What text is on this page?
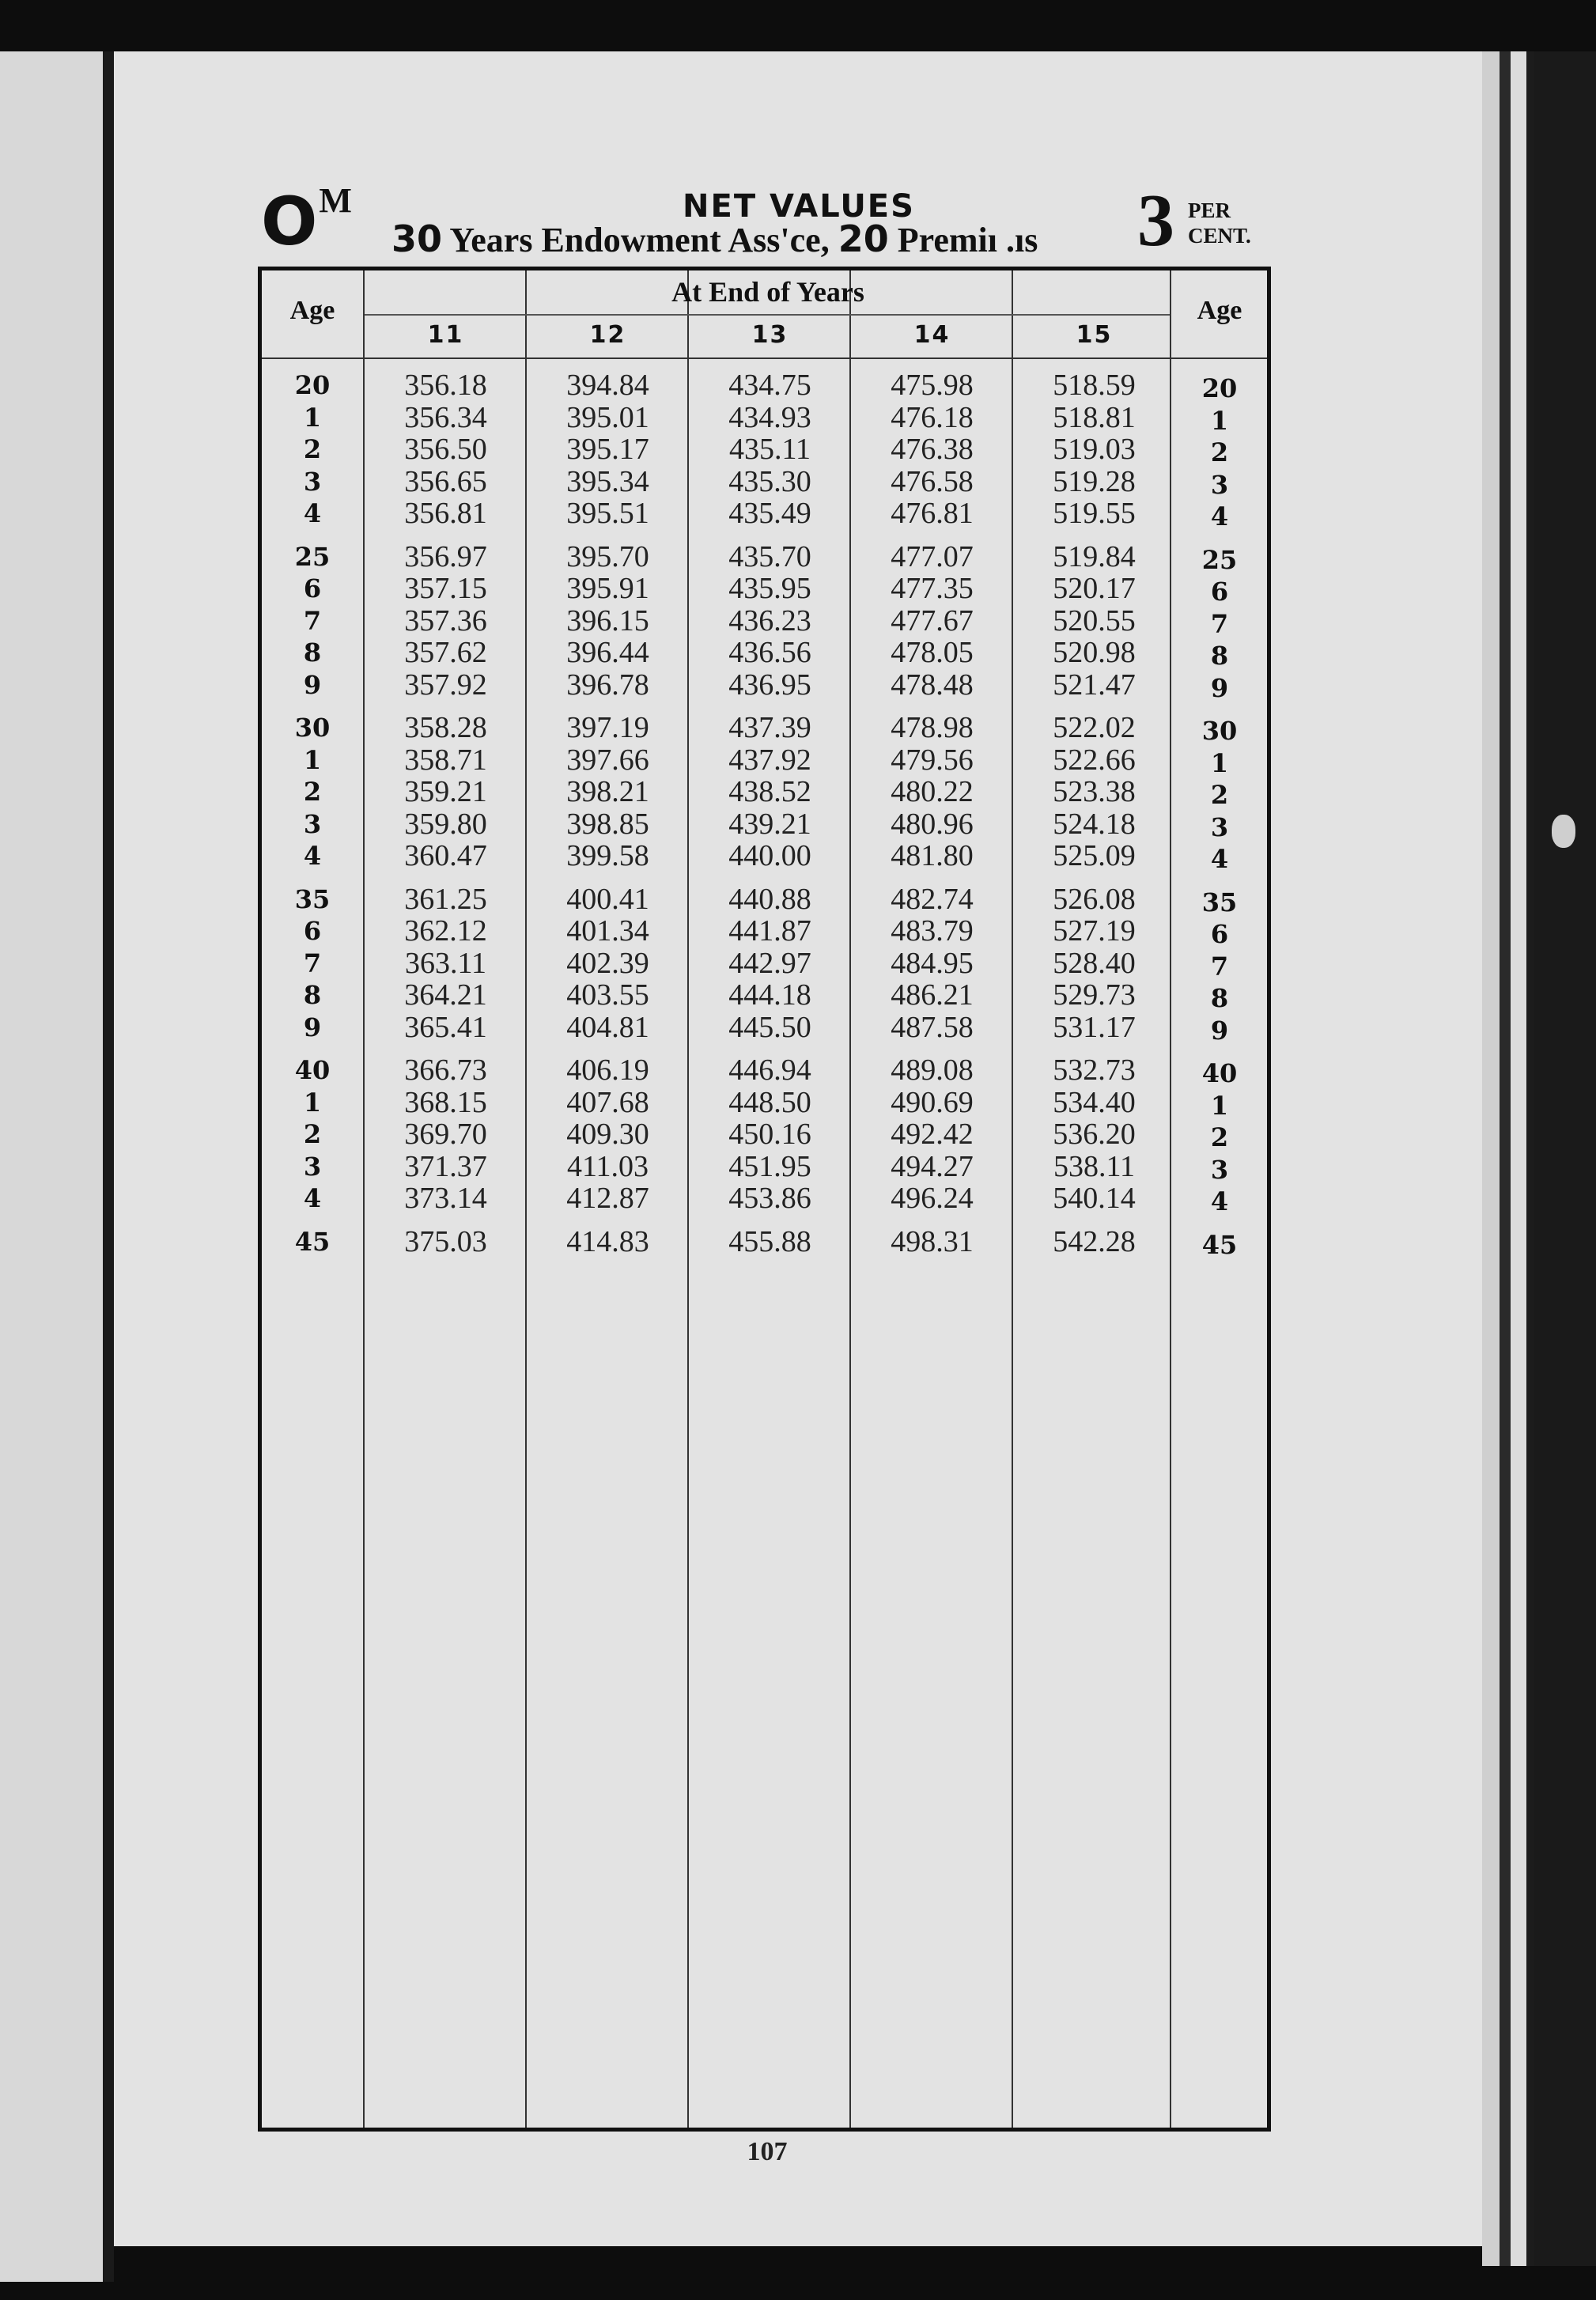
$O^M$	NET VALUES
30 Years Endowment Ass'ce, 20 Premiı .ıs 3 PER
CENT.
Age	Age
At End of Years
11	12	13	14	15
20	356.18	394.84	434.75	475.98	518.59	20
1	356.34	395.01	434.93	476.18	518.81	1
2	356.50	395.17	435.11	476.38	519.03	2
3	356.65	395.34	435.30	476.58	519.28	3
4	356.81	395.51	435.49	476.81	519.55	4
25	356.97	395.70	435.70	477.07	519.84	25
6	357.15	395.91	435.95	477.35	520.17	6
7	357.36	396.15	436.23	477.67	520.55	7
8	357.62	396.44	436.56	478.05	520.98	8
9	357.92	396.78	436.95	478.48	521.47	9
30	358.28	397.19	437.39	478.98	522.02	30
1	358.71	397.66	437.92	479.56	522.66	1
2	359.21	398.21	438.52	480.22	523.38	2
3	359.80	398.85	439.21	480.96	524.18	3
4	360.47	399.58	440.00	481.80	525.09	4
35	361.25	400.41	440.88	482.74	526.08	35
6	362.12	401.34	441.87	483.79	527.19	6
7	363.11	402.39	442.97	484.95	528.40	7
8	364.21	403.55	444.18	486.21	529.73	8
9	365.41	404.81	445.50	487.58	531.17	9
40	366.73	406.19	446.94	489.08	532.73	40
1	368.15	407.68	448.50	490.69	534.40	1
2	369.70	409.30	450.16	492.42	536.20	2
3	371.37	411.03	451.95	494.27	538.11	3
4	373.14	412.87	453.86	496.24	540.14	4
45	375.03	414.83	455.88	498.31	542.28	45
107
